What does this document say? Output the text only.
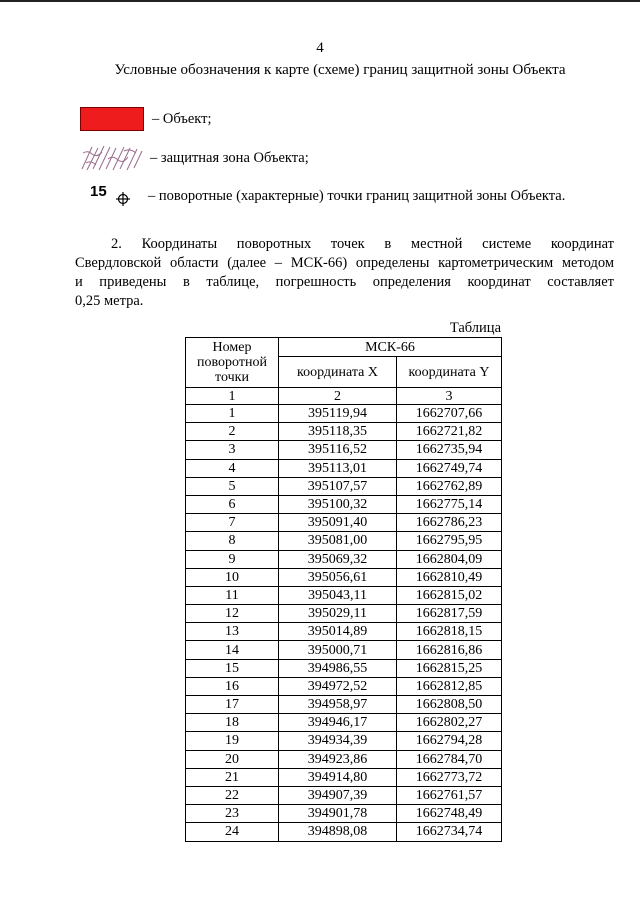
4
Условные обозначения к карте (схеме) границ защитной зоны Объекта
– Объект;
– защитная зона Объекта;
15	– поворотные (характерные) точки границ защитной зоны Объекта.
2. Координаты поворотных точек в местной системе координат
Свердловской области (далее – МСК-66) определены картометрическим методом
и приведены в таблице, погрешность определения координат составляет
0,25 метра.
Таблица
Номер поворотной точки	МСК-66	
	координата X	координата Y
1	2	3
1	395119,94	1662707,66
2	395118,35	1662721,82
3	395116,52	1662735,94
4	395113,01	1662749,74
5	395107,57	1662762,89
6	395100,32	1662775,14
7	395091,40	1662786,23
8	395081,00	1662795,95
9	395069,32	1662804,09
10	395056,61	1662810,49
11	395043,11	1662815,02
12	395029,11	1662817,59
13	395014,89	1662818,15
14	395000,71	1662816,86
15	394986,55	1662815,25
16	394972,52	1662812,85
17	394958,97	1662808,50
18	394946,17	1662802,27
19	394934,39	1662794,28
20	394923,86	1662784,70
21	394914,80	1662773,72
22	394907,39	1662761,57
23	394901,78	1662748,49
24	394898,08	1662734,74
